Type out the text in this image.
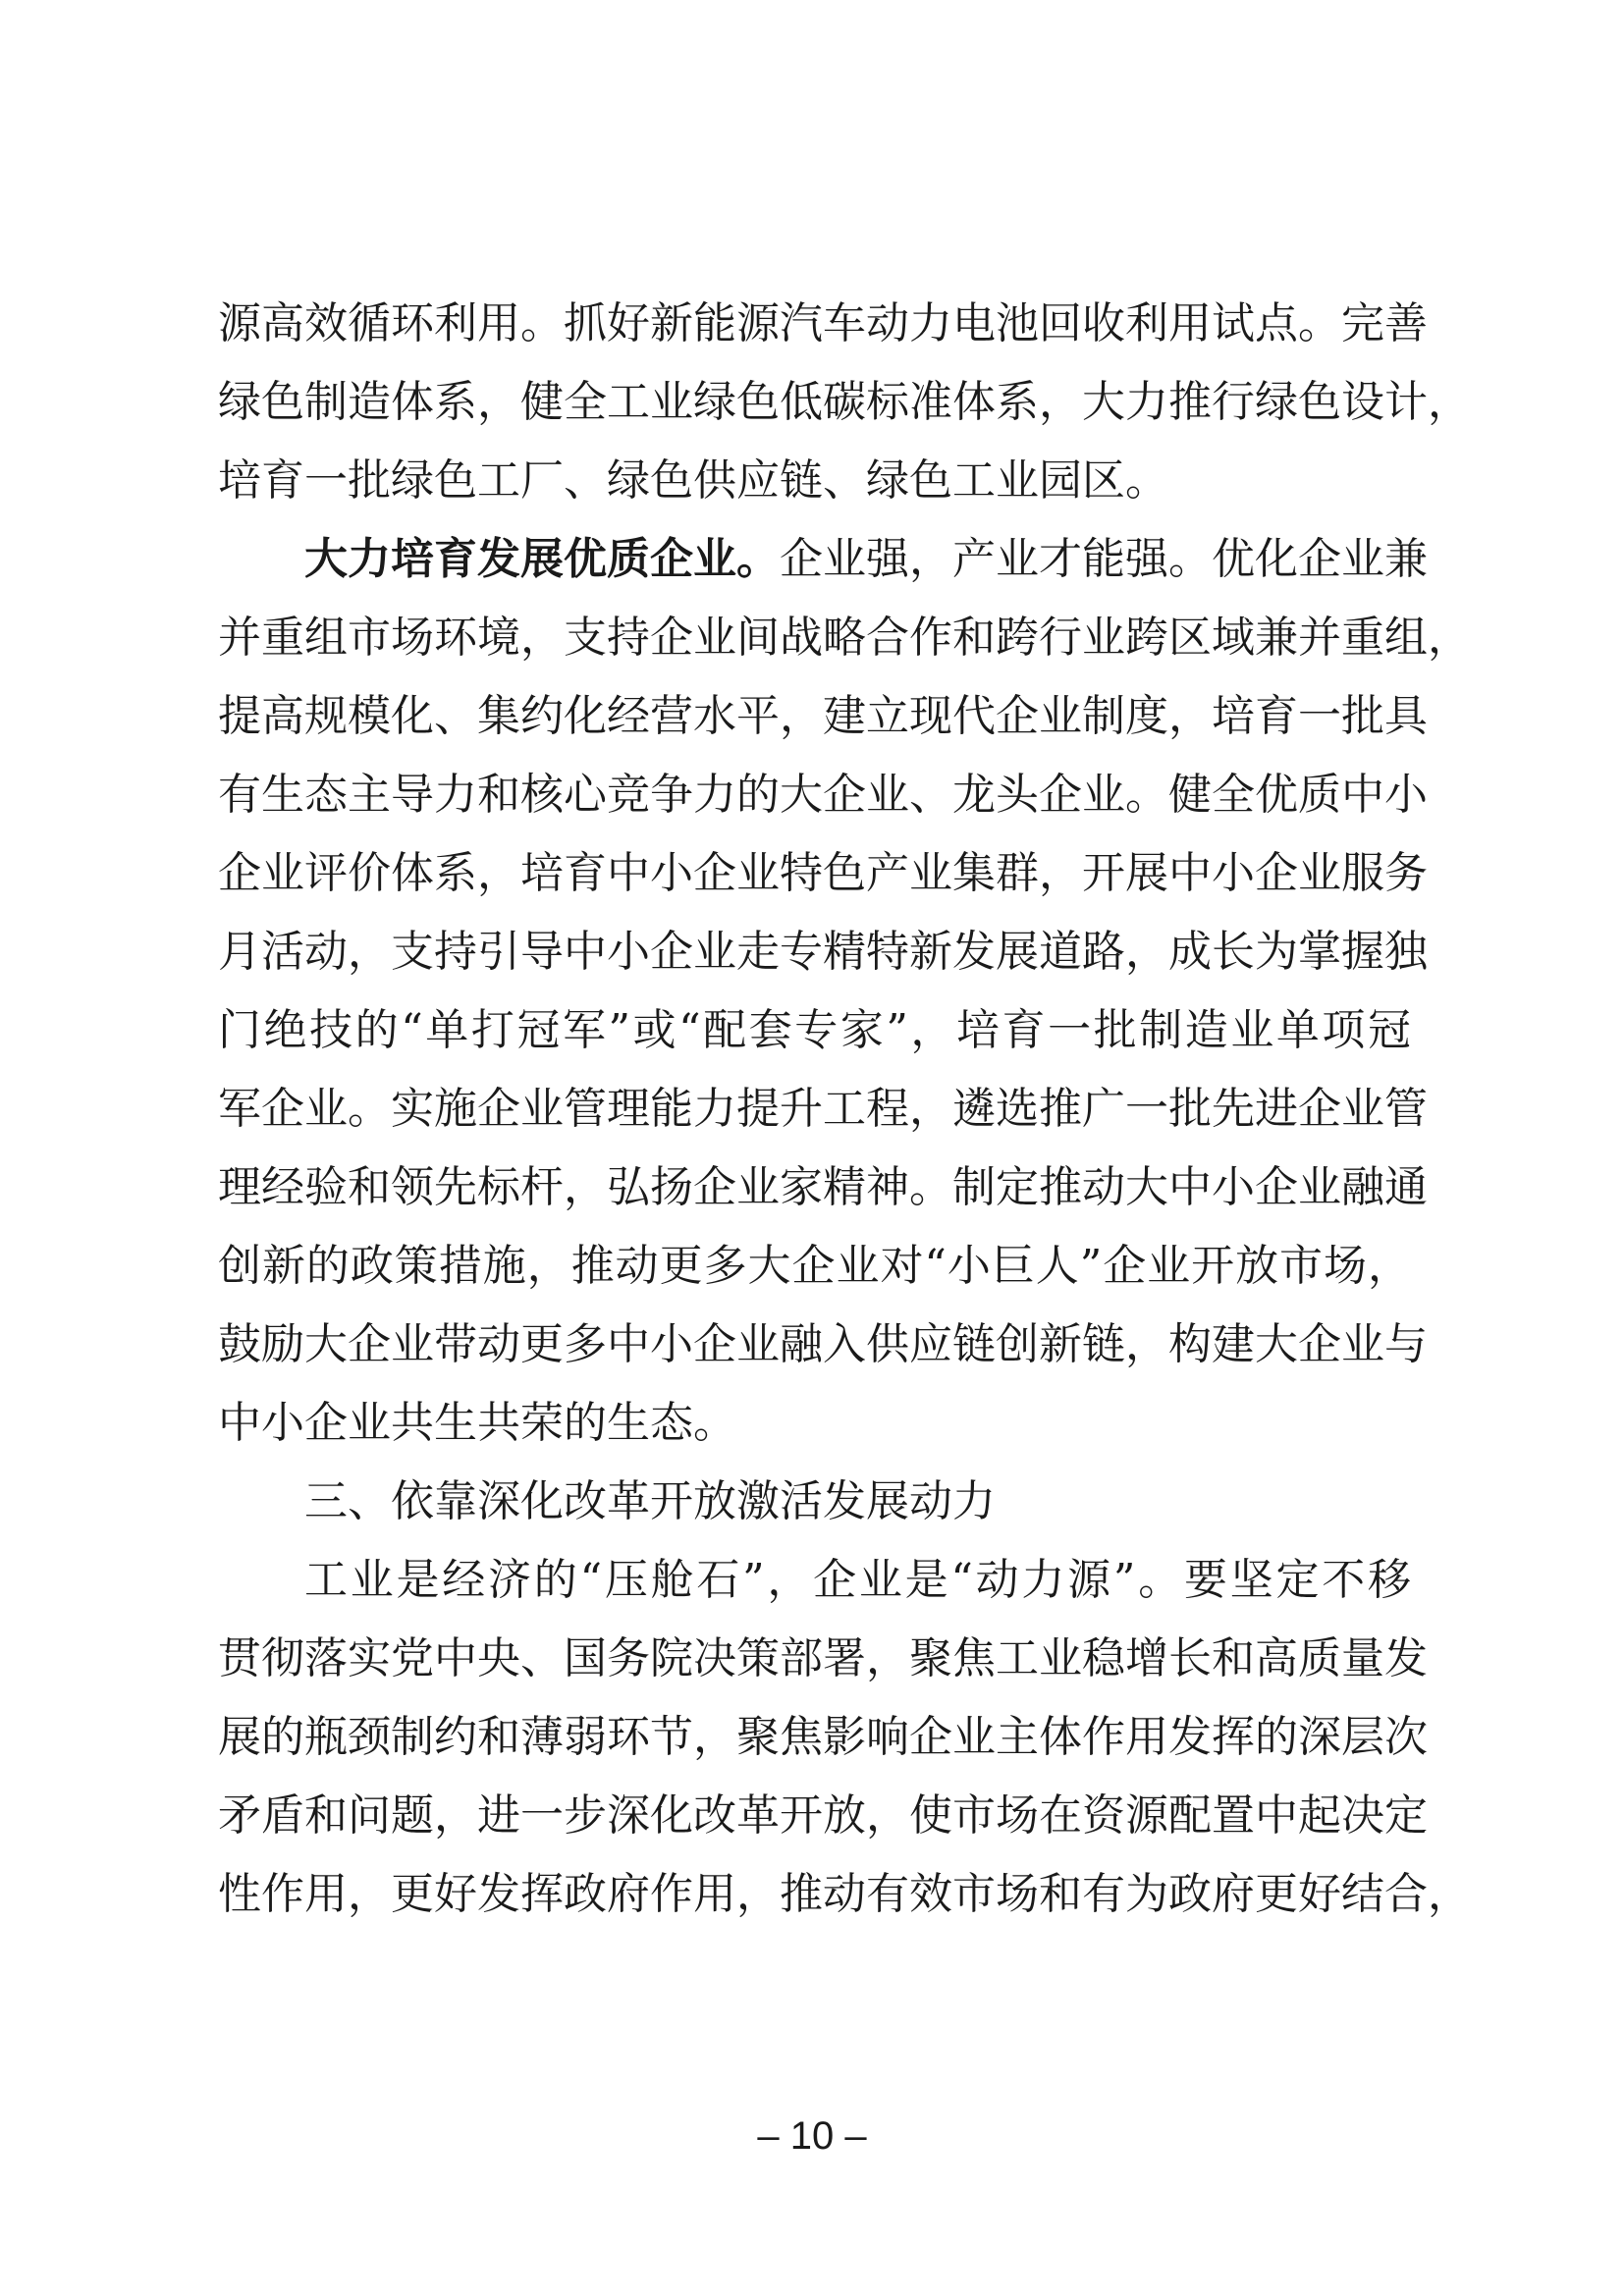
源高效循环利用。抓好新能源汽车动力电池回收利用试点。完善
绿色制造体系，健全工业绿色低碳标准体系，大力推行绿色设计，
培育一批绿色工厂、绿色供应链、绿色工业园区。
大力培育发展优质企业。企业强，产业才能强。优化企业兼
并重组市场环境，支持企业间战略合作和跨行业跨区域兼并重组，
提高规模化、集约化经营水平，建立现代企业制度，培育一批具
有生态主导力和核心竞争力的大企业、龙头企业。健全优质中小
企业评价体系，培育中小企业特色产业集群，开展中小企业服务
月活动，支持引导中小企业走专精特新发展道路，成长为掌握独
门绝技的“单打冠军”或“配套专家”，培育一批制造业单项冠
军企业。实施企业管理能力提升工程，遴选推广一批先进企业管
理经验和领先标杆，弘扬企业家精神。制定推动大中小企业融通
创新的政策措施，推动更多大企业对“小巨人”企业开放市场，
鼓励大企业带动更多中小企业融入供应链创新链，构建大企业与
中小企业共生共荣的生态。
三、依靠深化改革开放激活发展动力
工业是经济的“压舱石”，企业是“动力源”。要坚定不移
贯彻落实党中央、国务院决策部署，聚焦工业稳增长和高质量发
展的瓶颈制约和薄弱环节，聚焦影响企业主体作用发挥的深层次
矛盾和问题，进一步深化改革开放，使市场在资源配置中起决定
性作用，更好发挥政府作用，推动有效市场和有为政府更好结合，
– 10 –
